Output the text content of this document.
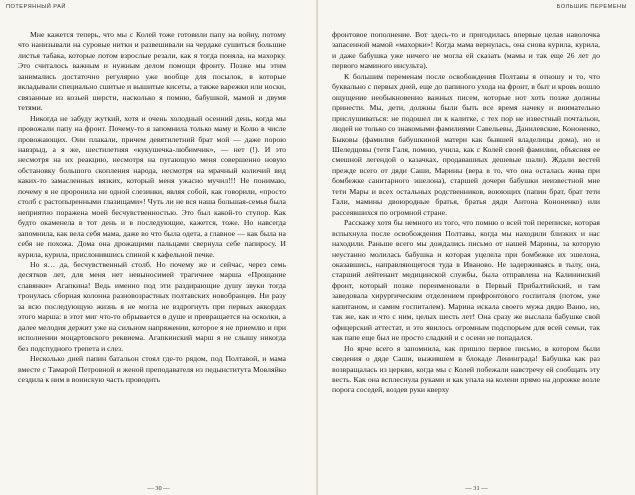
ПОТЕРЯННЫЙ РАЙ

Мне кажется теперь, что мы с Колей тоже готовили папу на войну, потому что нанизывали на суровые нитки и развешивали на чердаке сушиться большие листья табака, которые потом взрослые резали, как я тогда поняла, на махорку. Это считалось важным и нужным делом помощи фронту. Позже мы этим занимались достаточно регулярно уже вообще для посылок, в которые вкладывали специально сшитые и вышитые кисеты, а также варежки или носки, связанные из козьей шерсти, насколько я помню, бабушкой, мамой и двумя тетями.

Никогда не забуду жуткий, хотя и очень холодный осенний день, когда мы провожали папу на фронт. Почему-то я запомнила только маму и Колю в числе провожающих. Они плакали, причем девятилетний брат мой — даже порою навзрыд, а я же, шестилетняя «кукушечка-любимчик», — нет (!). И это несмотря на их реакцию, несмотря на пугающую меня совершенно новую обстановку большого скопления народа, несмотря на мрачный колючий вид каких-то замасленных вязких, который меня ужасно мучил!!! Не понимаю, почему я не проронила ни одной слезинки, являя собой, как говорили, «просто столб с растопыренными глазищами»! Чуть ли не вся наша большая-семья была неприятно поражена моей бесчувственностью. Это был какой-то ступор. Как будто окаменела в тот день и в последующие, кажется, тоже. Но навсегда запомнила, как вела себя мама, даже во что была одета, а главное — как была на себя не похожа. Дома она дрожащими пальцами свернула себе папиросу. И курила, курила, прислонившись спиной к кафельной печке.

Но я… да, бесчувственный столб. Но почему же и сейчас, через семь десятков лет, для меня нет невыносимей трагичнее марша «Прощание славянки» Агапкина! Ведь именно под эти раздирающие душу звуки тогда тронулась сборная колонна разновозрастных полтавских новобранцев. Ни разу за всю последующую жизнь я не могла не вздрогнуть при первых аккордах этого марша: в этот миг что-то обрывается в душе и превращается на осколки, а далее мелодия держит уже на сильном напряжении, которое я не приемлю и при исполнении моцартовского реквиема. Агапкинский марш я не слышу никогда без подспудного трепета и слез.

Несколько дней папин батальон стоял где-то рядом, под Полтавой, и мама вместе с Тамарой Петровной и женой преподавателя из педынститута Мовляйко сездила к ним в воинскую часть проводить

— 30 —
БОЛЬШИЕ ПЕРЕМЕНЫ

фронтовое пополнение. Вот здесь-то и пригодилась впервые целая наволочка запасенной мамой «махорки»! Когда мама вернулась, она снова курила, курила, и даже бабушка уже ничего не могла ей сказать (мамы и так еще 26 лет до первого маминого инсульта).

К большим переменам после освобождения Полтавы я отношу и то, что буквально с первых дней, еще до папиного ухода на фронт, в быт и кровь вошло ощущение необыкновенно важных писем, которые нот хоть позже должны принести. Мы, дети, должны были быть все время начеку и внимательно прислушиваться: не подошел ли к калитке, с тех пор не известный почтальон, людей не только со знакомыми фамилиями Савельевы, Данилевские, Кононенко, Быковы (фамилия бабушкиной матери как бывшей владелицы дома), но и Шеледцовы (тетя Галя, помню, учила, как с Колей своей фамилии, объясняя ее смешной легендой о казачках, продавашиых дешевые шали). Ждали вестей прежде всего от дяди Саши, Марины (вера в то, что она осталась жива при бомбежке санитарного эшелона), старшей дочери бабушки неизвестной мне тети Мары и всех остальных родственников, воюющих (папин брат, брат тети Гали, мамины двоюродные братья, братья дяди Антона Кононенко) или рассеявшихся по огромной стране.

Расскажу хотя бы немного из того, что помню о всей той переписке, которая вспыхнула после освобождения Полтавы, когда мы находили близких и нас находили. Раньше всего мы дождались письмо от нашей Марины, за которую неустанно молилась бабушка и которая уцелела при бомбежке их эшелона, оказавшись, направляющегося туда в Иваново. Не задерживаясь в тылу, она, старший лейтенант медицинской службы, была отправлена на Калининский фронт, который позже переименовали в Первый Прибалтийский, и там заведовала хирургическим отделением прифронтового госпиталя (потом, уже капитаном, и самим госпиталем). Марина искала своего мужа дядю Ваню, но, так же, как и что с ним, целых шесть лет! Она сразу же выслала бабушке свой офицерский аттестат, и это явилось огромным подспорьем для всей семьи, так как папе еще был не просто сладкий и с осени не попадался.

Но ярче всего я запомнила, как пришло первое письмо, в котором были сведения о дяде Саши, выжившем в блокаде Ленинграда! Бабушка как раз возвращалась из церкви, когда мы с Колей побежали навстречу ей сообщать эту весть. Как она всплеснула руками и как упала на колени прямо на дорожке возле порога соседей, воздев руки кверху

— 31 —
